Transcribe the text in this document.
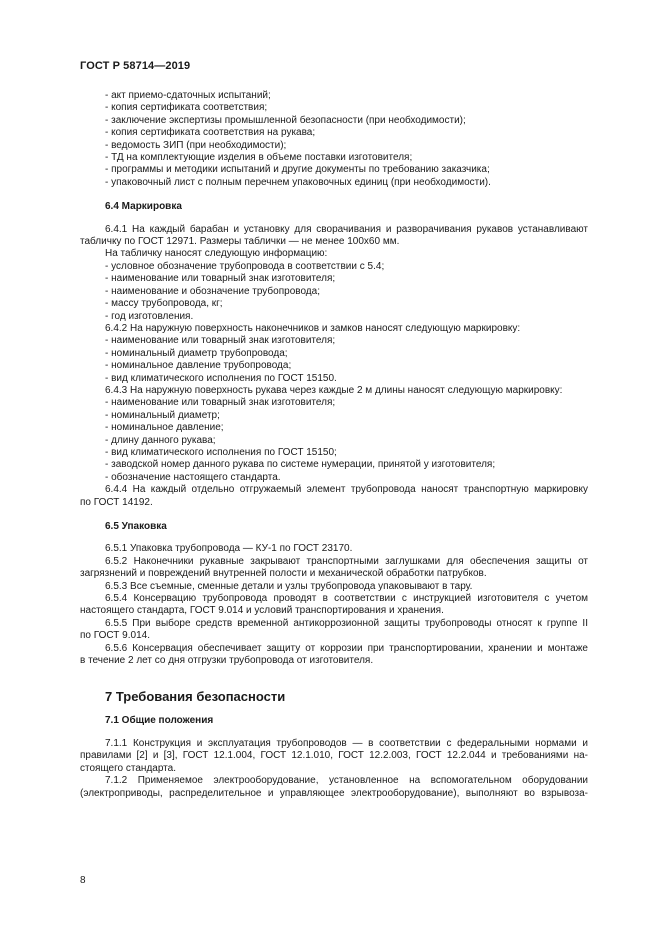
ГОСТ Р 58714—2019

- акт приемо-сдаточных испытаний;

- копия сертификата соответствия;

- заключение экспертизы промышленной безопасности (при необходимости);

- копия сертификата соответствия на рукава;

- ведомость ЗИП (при необходимости);

- ТД на комплектующие изделия в объеме поставки изготовителя;

- программы и методики испытаний и другие документы по требованию заказчика;

- упаковочный лист с полным перечнем упаковочных единиц (при необходимости).

6.4 Маркировка

6.4.1 На каждый барабан и установку для сворачивания и разворачивания рукавов устанавливают

табличку по ГОСТ 12971. Размеры таблички — не менее 100х60 мм.

На табличку наносят следующую информацию:

- условное обозначение трубопровода в соответствии с 5.4;

- наименование или товарный знак изготовителя;

- наименование и обозначение трубопровода;

- массу трубопровода, кг;

- год изготовления.

6.4.2 На наружную поверхность наконечников и замков наносят следующую маркировку:

- наименование или товарный знак изготовителя;

- номинальный диаметр трубопровода;

- номинальное давление трубопровода;

- вид климатического исполнения по ГОСТ 15150.

6.4.3 На наружную поверхность рукава через каждые 2 м длины наносят следующую маркировку:

- наименование или товарный знак изготовителя;

- номинальный диаметр;

- номинальное давление;

- длину данного рукава;

- вид климатического исполнения по ГОСТ 15150;

- заводской номер данного рукава по системе нумерации, принятой у изготовителя;

- обозначение настоящего стандарта.

6.4.4 На каждый отдельно отгружаемый элемент трубопровода наносят транспортную маркировку

по ГОСТ 14192.

6.5 Упаковка

6.5.1 Упаковка трубопровода — КУ-1 по ГОСТ 23170.

6.5.2 Наконечники рукавные закрывают транспортными заглушками для обеспечения защиты от

загрязнений и повреждений внутренней полости и механической обработки патрубков.

6.5.3 Все съемные, сменные детали и узлы трубопровода упаковывают в тару.

6.5.4 Консервацию трубопровода проводят в соответствии с инструкцией изготовителя с учетом

настоящего стандарта, ГОСТ 9.014 и условий транспортирования и хранения.

6.5.5 При выборе средств временной антикоррозионной защиты трубопроводы относят к группе II

по ГОСТ 9.014.

6.5.6 Консервация обеспечивает защиту от коррозии при транспортировании, хранении и монтаже

в течение 2 лет со дня отгрузки трубопровода от изготовителя.

7 Требования безопасности

7.1 Общие положения

7.1.1 Конструкция и эксплуатация трубопроводов — в соответствии с федеральными нормами и

правилами [2] и [3], ГОСТ 12.1.004, ГОСТ 12.1.010, ГОСТ 12.2.003, ГОСТ 12.2.044 и требованиями на-

стоящего стандарта.

7.1.2 Применяемое электрооборудование, установленное на вспомогательном оборудовании

(электроприводы, распределительное и управляющее электрооборудование), выполняют во взрывоза-

8
